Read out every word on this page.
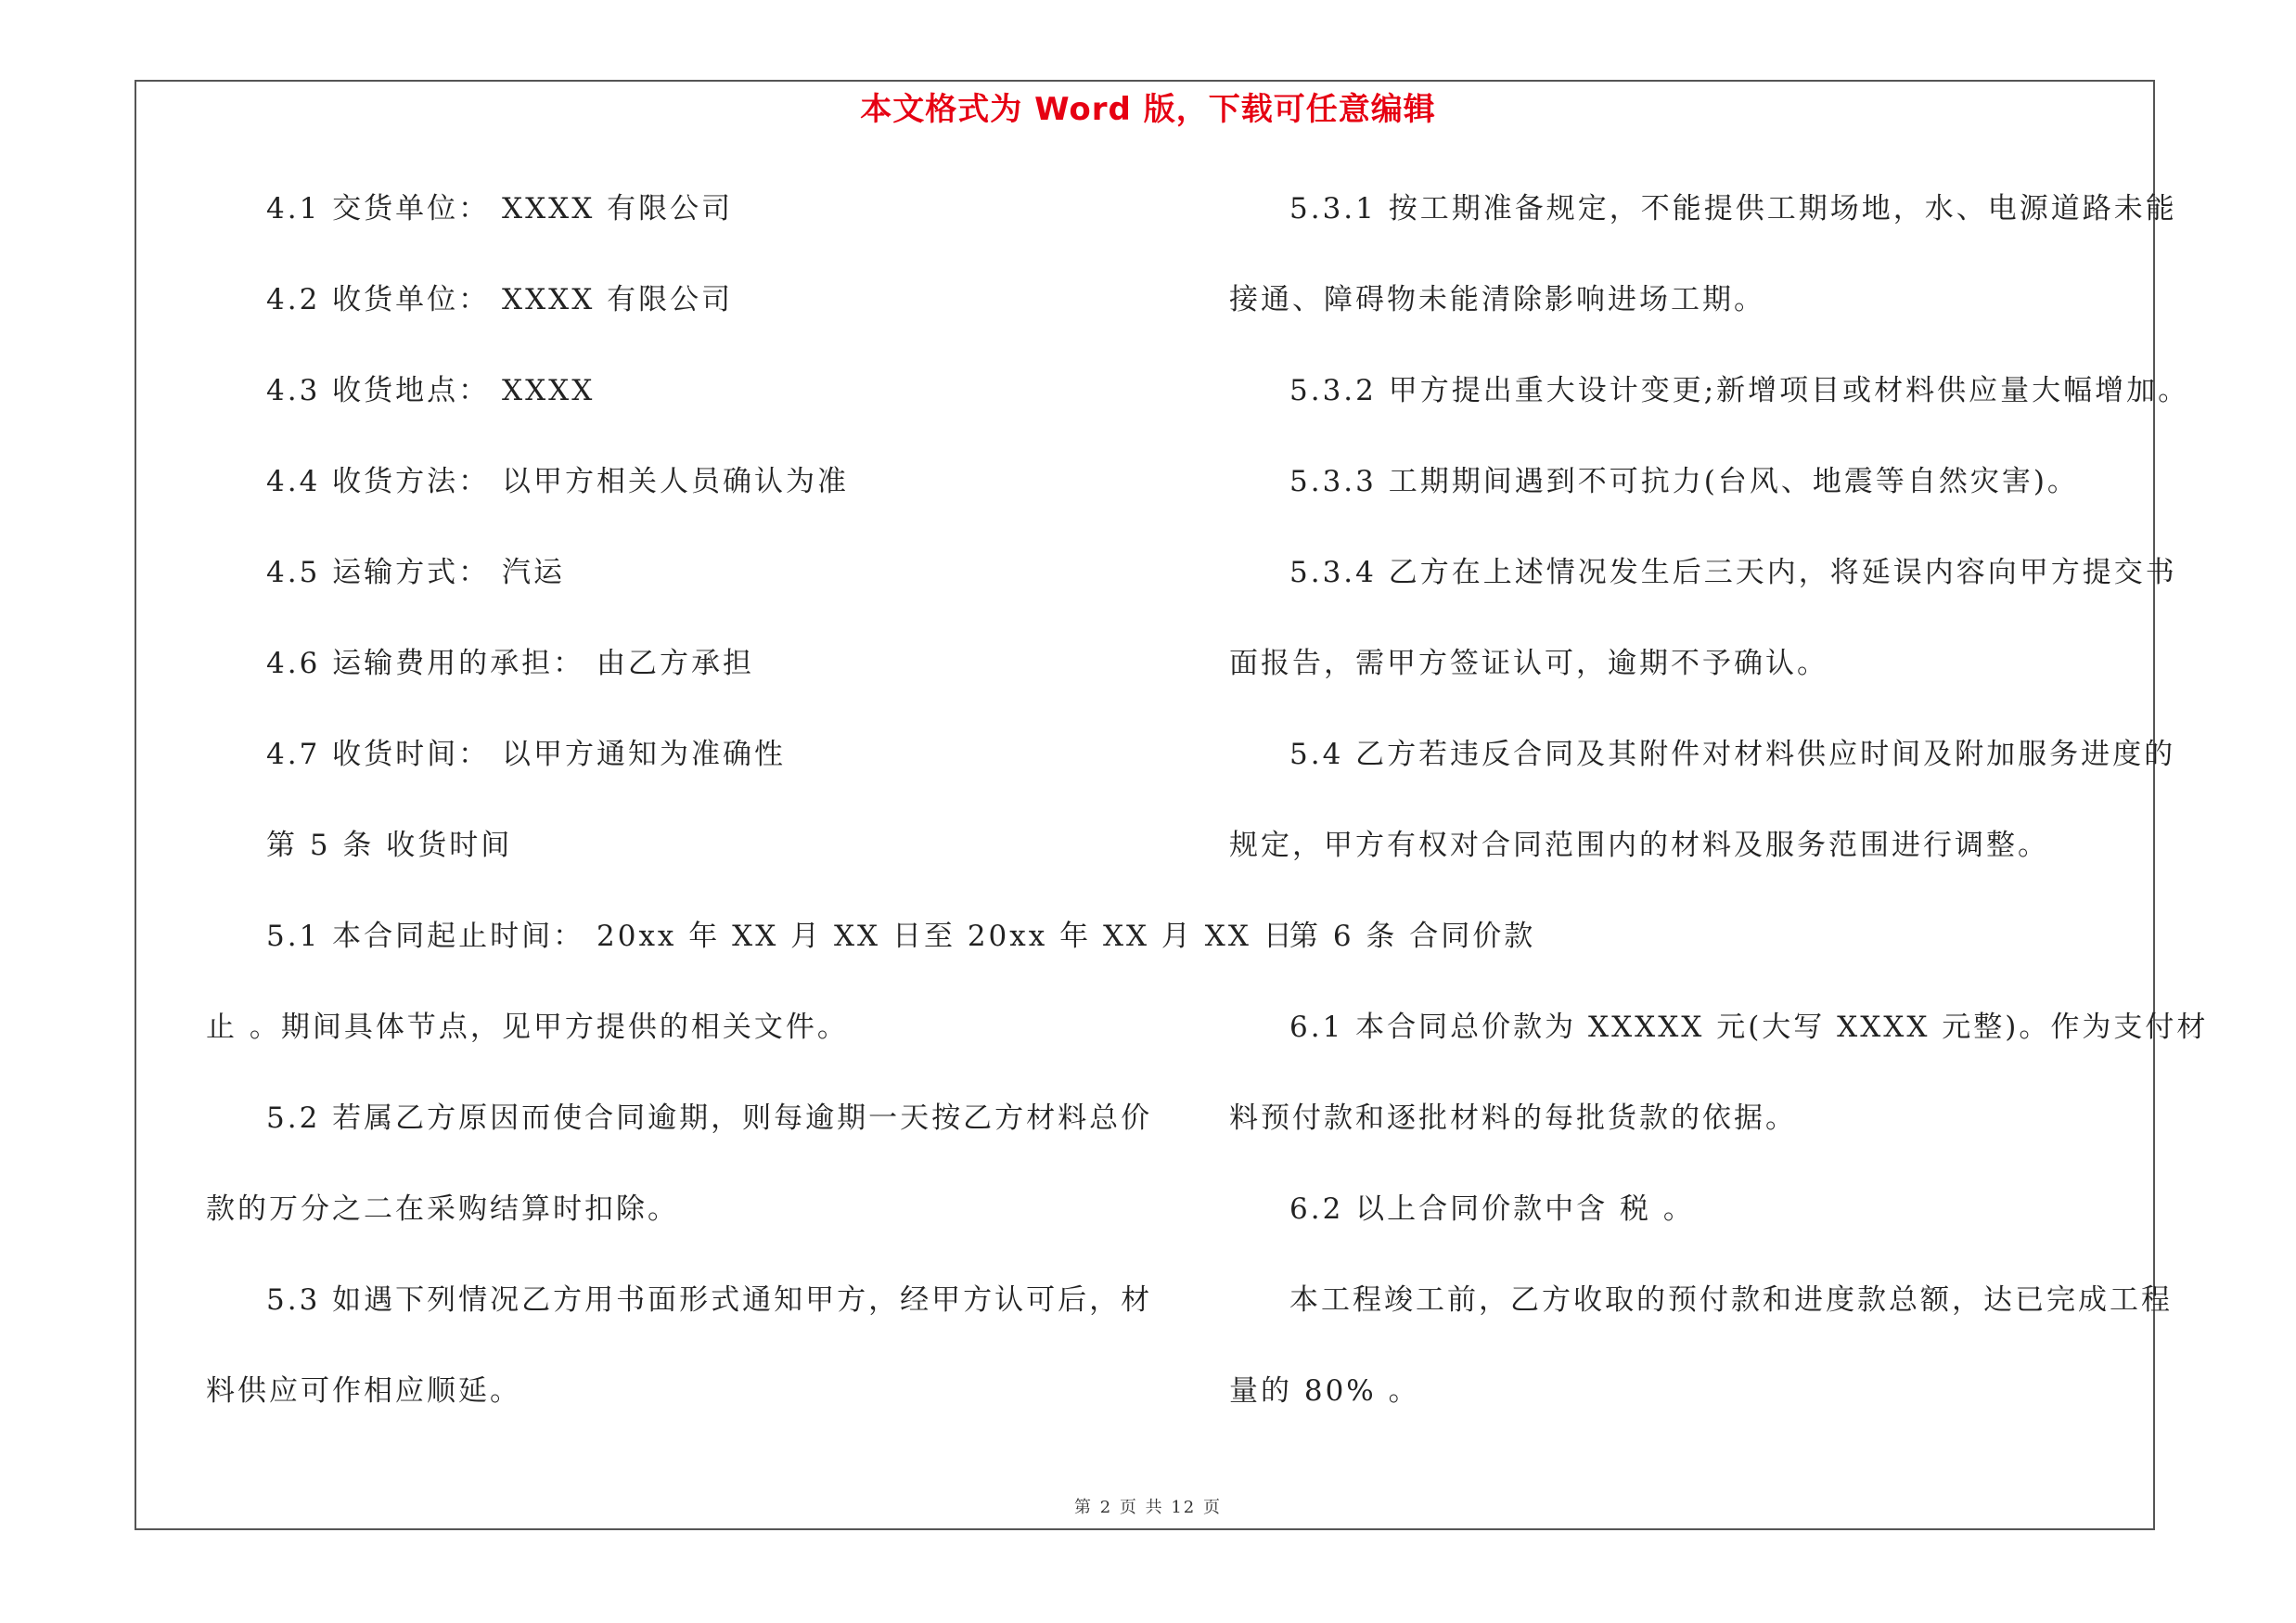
本文格式为 Word 版，下载可任意编辑
4.1 交货单位： XXXX 有限公司
4.2 收货单位： XXXX 有限公司
4.3 收货地点： XXXX
4.4 收货方法： 以甲方相关人员确认为准
4.5 运输方式： 汽运
4.6 运输费用的承担： 由乙方承担
4.7 收货时间： 以甲方通知为准确性
第 5 条 收货时间
5.1 本合同起止时间： 20xx 年 XX 月 XX 日至 20xx 年 XX 月 XX 日
止 。期间具体节点，见甲方提供的相关文件。
5.2 若属乙方原因而使合同逾期，则每逾期一天按乙方材料总价
款的万分之二在采购结算时扣除。
5.3 如遇下列情况乙方用书面形式通知甲方，经甲方认可后，材
料供应可作相应顺延。
5.3.1 按工期准备规定，不能提供工期场地，水、电源道路未能
接通、障碍物未能清除影响进场工期。
5.3.2 甲方提出重大设计变更;新增项目或材料供应量大幅增加。
5.3.3 工期期间遇到不可抗力(台风、地震等自然灾害)。
5.3.4 乙方在上述情况发生后三天内，将延误内容向甲方提交书
面报告，需甲方签证认可，逾期不予确认。
5.4 乙方若违反合同及其附件对材料供应时间及附加服务进度的
规定，甲方有权对合同范围内的材料及服务范围进行调整。
第 6 条 合同价款
6.1 本合同总价款为 XXXXX 元(大写 XXXX 元整)。作为支付材
料预付款和逐批材料的每批货款的依据。
6.2 以上合同价款中含 税 。
本工程竣工前，乙方收取的预付款和进度款总额，达已完成工程
量的 80% 。
第 2 页 共 12 页
